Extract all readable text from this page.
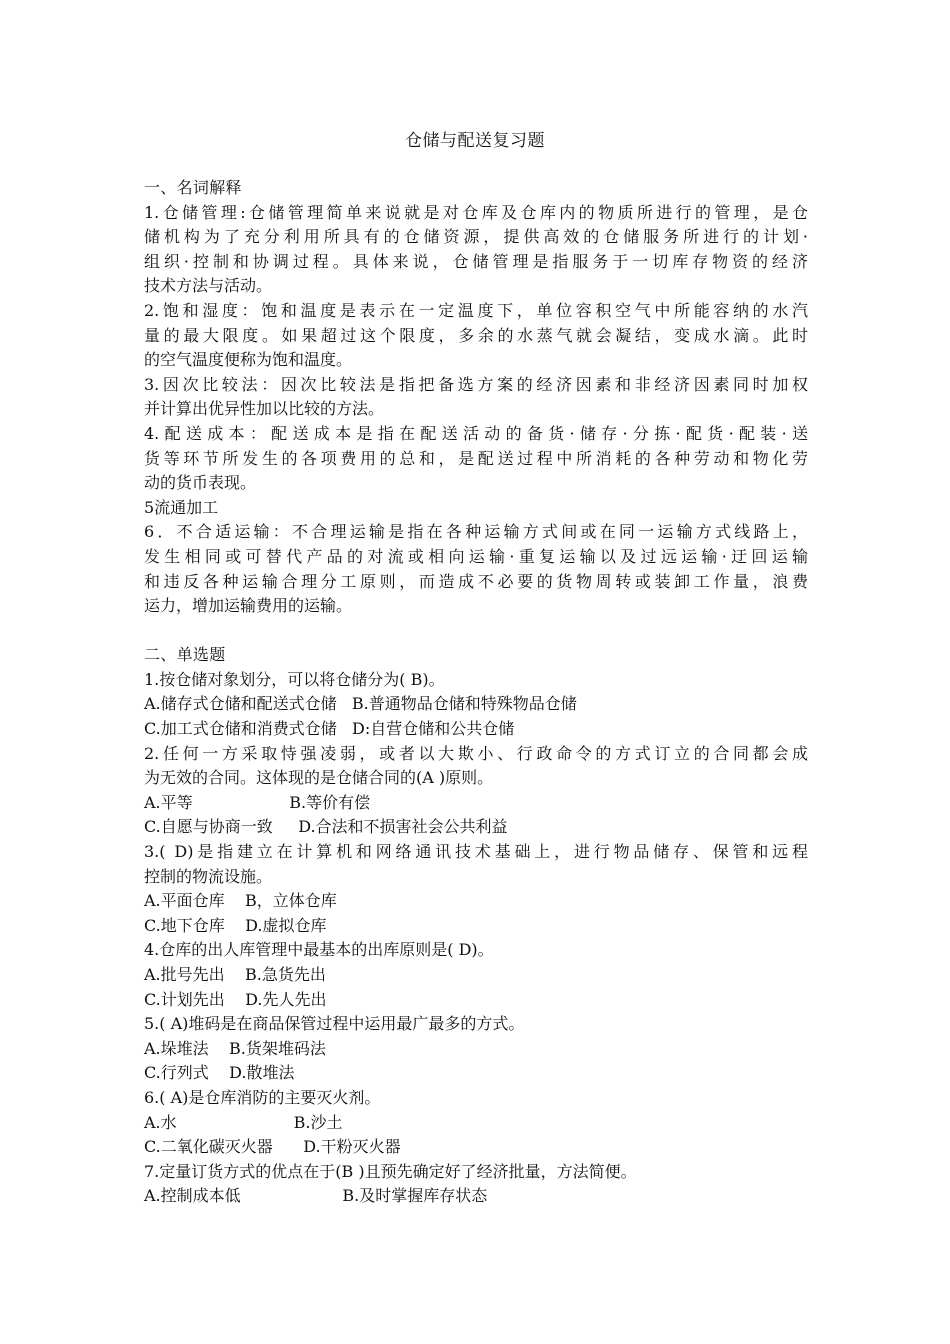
仓储与配送复习题
一、名词解释
1.仓储管理:仓储管理简单来说就是对仓库及仓库内的物质所进行的管理，是仓
储机构为了充分利用所具有的仓储资源，提供高效的仓储服务所进行的计划·
组织·控制和协调过程。具体来说，仓储管理是指服务于一切库存物资的经济
技术方法与活动。
2.饱和湿度：饱和温度是表示在一定温度下，单位容积空气中所能容纳的水汽
量的最大限度。如果超过这个限度，多余的水蒸气就会凝结，变成水滴。此时
的空气温度便称为饱和温度。
3.因次比较法：因次比较法是指把备选方案的经济因素和非经济因素同时加权
并计算出优异性加以比较的方法。
4.配送成本：配送成本是指在配送活动的备货·储存·分拣·配货·配装·送
货等环节所发生的各项费用的总和，是配送过程中所消耗的各种劳动和物化劳
动的货币表现。
5流通加工
6．不合适运输：不合理运输是指在各种运输方式间或在同一运输方式线路上，
发生相同或可替代产品的对流或相向运输·重复运输以及过远运输·迂回运输
和违反各种运输合理分工原则，而造成不必要的货物周转或装卸工作量，浪费
运力，增加运输费用的运输。
二、单选题
1.按仓储对象划分，可以将仓储分为( B)。
A.储存式仓储和配送式仓储   B.普通物品仓储和特殊物品仓储
C.加工式仓储和消费式仓储   D:自营仓储和公共仓储
2.任何一方采取恃强凌弱，或者以大欺小、行政命令的方式订立的合同都会成
为无效的合同。这体现的是仓储合同的(A )原则。
A.平等                   B.等价有偿
C.自愿与协商一致     D.合法和不损害社会公共利益
3.( D)是指建立在计算机和网络通讯技术基础上，进行物品储存、保管和远程
控制的物流设施。
A.平面仓库    B，立体仓库
C.地下仓库    D.虚拟仓库
4.仓库的出人库管理中最基本的出库原则是( D)。
A.批号先出    B.急货先出
C.计划先出    D.先人先出
5.( A)堆码是在商品保管过程中运用最广最多的方式。
A.垛堆法    B.货架堆码法
C.行列式    D.散堆法
6.( A)是仓库消防的主要灭火剂。
A.水                       B.沙土
C.二氧化碳灭火器      D.干粉灭火器
7.定量订货方式的优点在于(B )且预先确定好了经济批量，方法简便。
A.控制成本低                    B.及时掌握库存状态
